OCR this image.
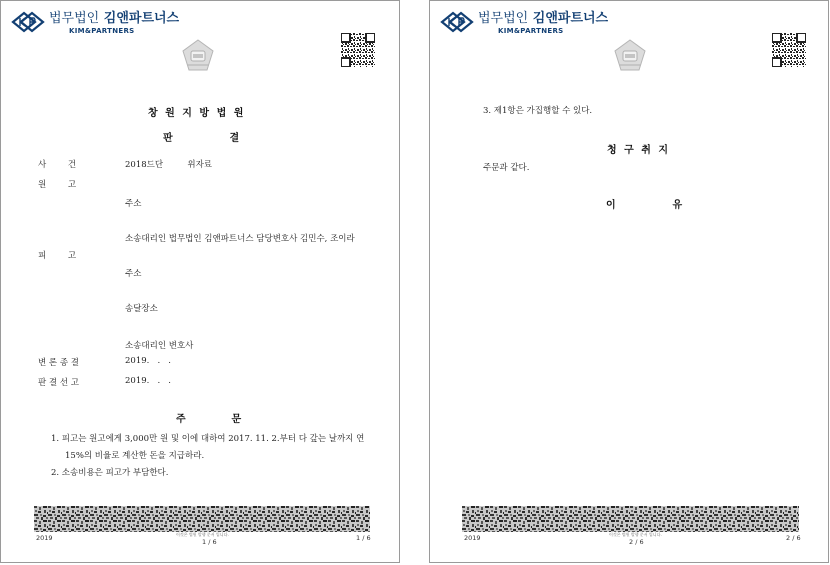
법무법인 김앤파트너스
KIM&PARTNERS
창 원 지 방 법 원
판          결
사        건	2018드단         위자료
원        고
주소
소송대리인 법무법인 김앤파트너스 담당변호사 김민수, 조이라
피        고
주소
송달장소
소송대리인 변호사
변 론 종 결	2019.   .   .
판 결 선 고	2019.   .   .
주        문
1. 피고는 원고에게 3,000만 원 및 이에 대하여 2017. 11. 2.부터 다 갚는 날까지 연
15%의 비율로 계산한 돈을 지급하라.
2. 소송비용은 피고가 부담한다.
2019	이것은 법원 발행 문서 입니다.
1 / 6	1 / 6
법무법인 김앤파트너스
KIM&PARTNERS
3. 제1항은 가집행할 수 있다.
청 구 취 지
주문과 같다.
이          유
2019	이것은 법원 발행 문서 입니다.
2 / 6	2 / 6
